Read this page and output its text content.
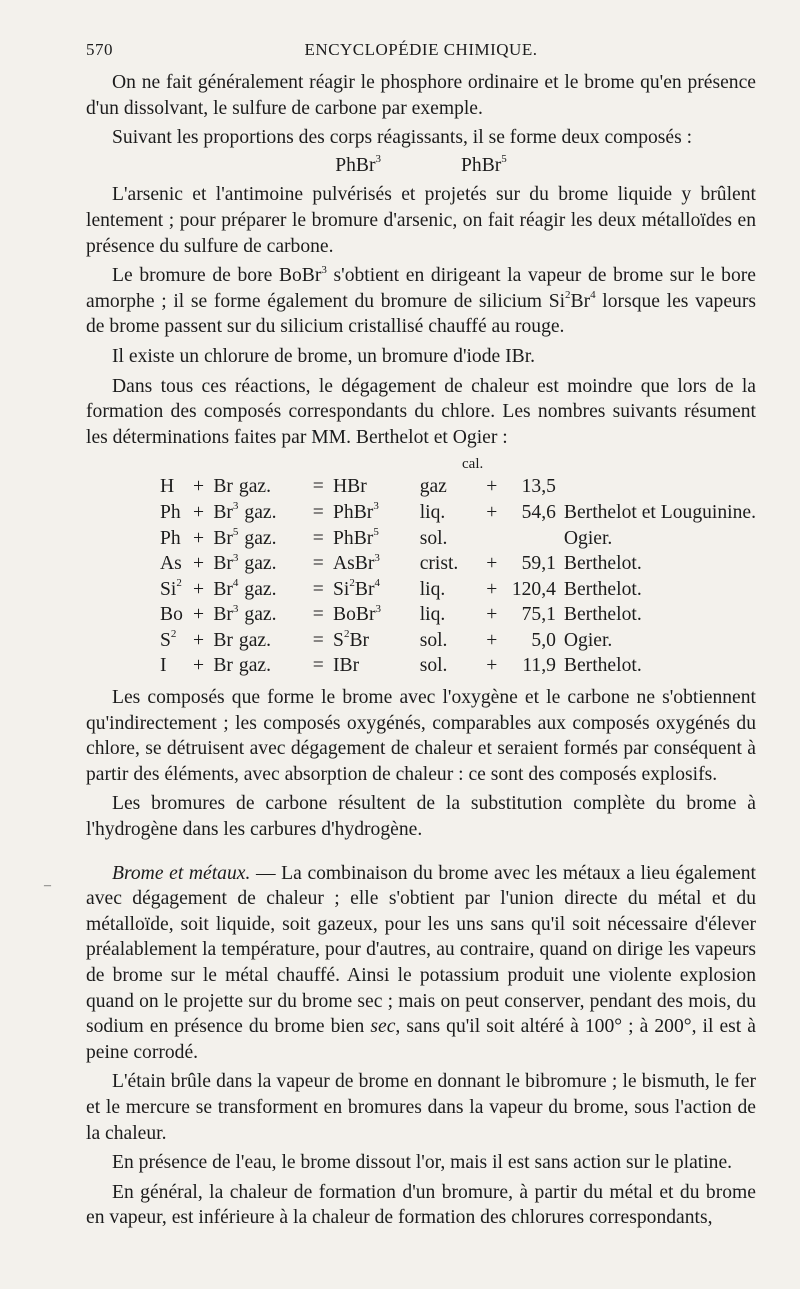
570	ENCYCLOPÉDIE CHIMIQUE.
–

On ne fait généralement réagir le phosphore ordinaire et le brome qu'en présence d'un dissolvant, le sulfure de carbone par exemple.

Suivant les proportions des corps réagissants, il se forme deux composés :

PhBr$^3$	PhBr$^5$

L'arsenic et l'antimoine pulvérisés et projetés sur du brome liquide y brûlent lentement ; pour préparer le bromure d'arsenic, on fait réagir les deux métalloïdes en présence du sulfure de carbone.

Le bromure de bore BoBr$^3$ s'obtient en dirigeant la vapeur de brome sur le bore amorphe ; il se forme également du bromure de silicium Si$^2$Br$^4$ lorsque les vapeurs de brome passent sur du silicium cristallisé chauffé au rouge.

Il existe un chlorure de brome, un bromure d'iode IBr.

Dans tous ces réactions, le dégagement de chaleur est moindre que lors de la formation des composés correspondants du chlore. Les nombres suivants résument les déterminations faites par MM. Berthelot et Ogier :

cal.
H	+	Br gaz.	=	HBr	gaz	+	13,5	
Ph	+	$Br^3$ gaz.	=	PhBr$^3$	liq.	+	54,6	Berthelot et Louguinine.
Ph	+	$Br^5$ gaz.	=	PhBr$^5$	sol.			Ogier.
As	+	$Br^3$ gaz.	=	AsBr$^3$	crist.	+	59,1	Berthelot.
$Si^2$	+	$Br^4$ gaz.	=	$Si^2Br^4$	liq.	+	120,4	Berthelot.
Bo	+	$Br^3$ gaz.	=	BoBr$^3$	liq.	+	75,1	Berthelot.
$S^2$	+	Br gaz.	=	$S^2Br$	sol.	+	5,0	Ogier.
I	+	Br gaz.	=	IBr	sol.	+	11,9	Berthelot.

Les composés que forme le brome avec l'oxygène et le carbone ne s'obtiennent qu'indirectement ; les composés oxygénés, comparables aux composés oxygénés du chlore, se détruisent avec dégagement de chaleur et seraient formés par conséquent à partir des éléments, avec absorption de chaleur : ce sont des composés explosifs.

Les bromures de carbone résultent de la substitution complète du brome à l'hydrogène dans les carbures d'hydrogène.

Brome et métaux. — La combinaison du brome avec les métaux a lieu également avec dégagement de chaleur ; elle s'obtient par l'union directe du métal et du métalloïde, soit liquide, soit gazeux, pour les uns sans qu'il soit nécessaire d'élever préalablement la température, pour d'autres, au contraire, quand on dirige les vapeurs de brome sur le métal chauffé. Ainsi le potassium produit une violente explosion quand on le projette sur du brome sec ; mais on peut conserver, pendant des mois, du sodium en présence du brome bien sec, sans qu'il soit altéré à 100° ; à 200°, il est à peine corrodé.

L'étain brûle dans la vapeur de brome en donnant le bibromure ; le bismuth, le fer et le mercure se transforment en bromures dans la vapeur du brome, sous l'action de la chaleur.

En présence de l'eau, le brome dissout l'or, mais il est sans action sur le platine.

En général, la chaleur de formation d'un bromure, à partir du métal et du brome en vapeur, est inférieure à la chaleur de formation des chlorures correspondants,
